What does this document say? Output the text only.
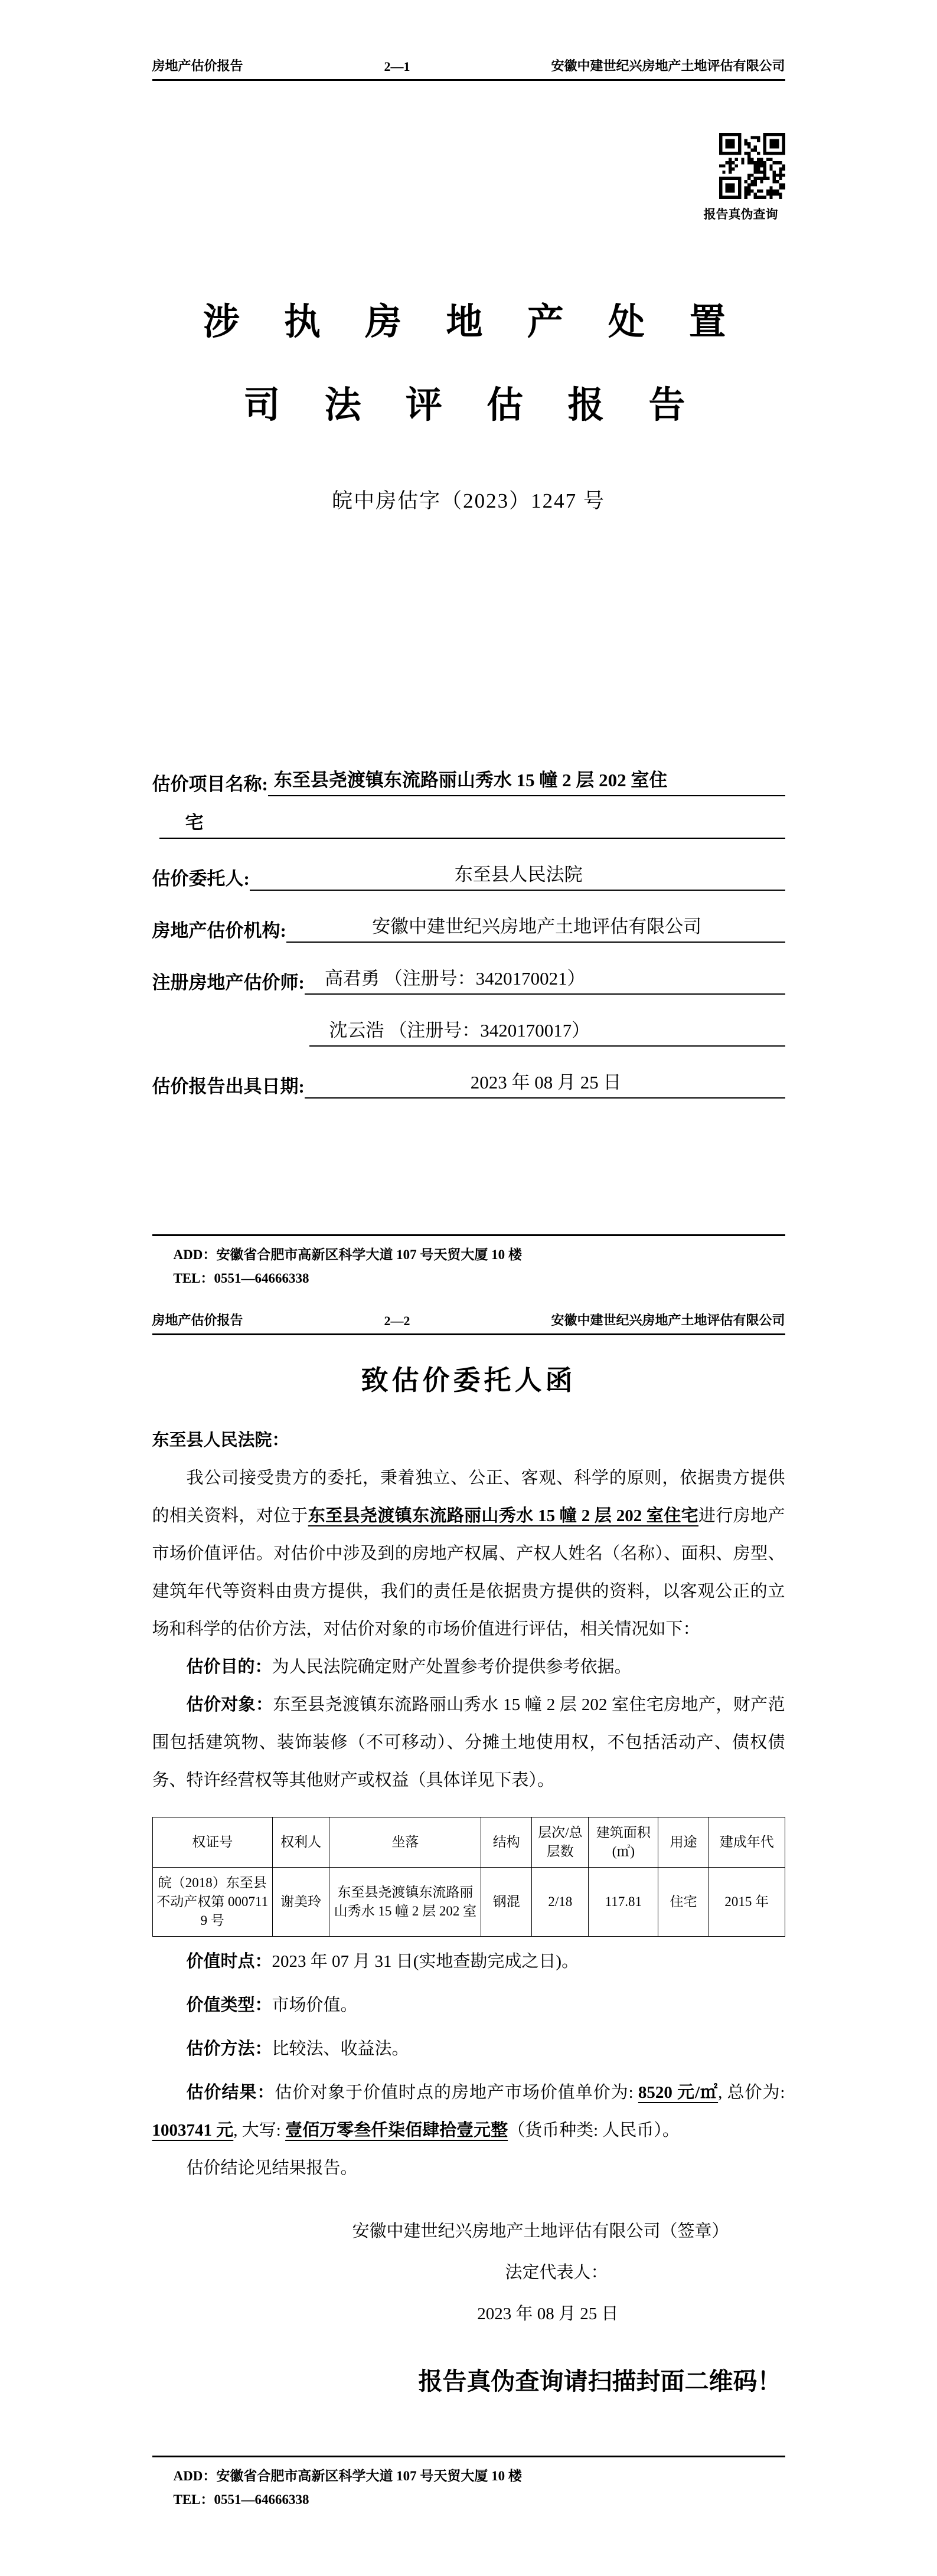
房地产估价报告	2—1	安徽中建世纪兴房地产土地评估有限公司
报告真伪查询
涉 执 房 地 产 处 置
司 法 评 估 报 告
皖中房估字（2023）1247 号
估价项目名称: 东至县尧渡镇东流路丽山秀水 15 幢 2 层 202 室住
宅
估价委托人:	东至县人民法院
房地产估价机构:	安徽中建世纪兴房地产土地评估有限公司
注册房地产估价师:	高君勇 （注册号：3420170021）
沈云浩 （注册号：3420170017）
估价报告出具日期:	2023 年 08 月 25 日
ADD：安徽省合肥市高新区科学大道 107 号天贸大厦 10 楼
TEL：0551—64666338
房地产估价报告	2—2	安徽中建世纪兴房地产土地评估有限公司
致估价委托人函
东至县人民法院：

我公司接受贵方的委托，秉着独立、公正、客观、科学的原则，依据贵方提供的相关资料，对位于东至县尧渡镇东流路丽山秀水 15 幢 2 层 202 室住宅进行房地产市场价值评估。对估价中涉及到的房地产权属、产权人姓名（名称）、面积、房型、建筑年代等资料由贵方提供，我们的责任是依据贵方提供的资料，以客观公正的立场和科学的估价方法，对估价对象的市场价值进行评估，相关情况如下：

估价目的：为人民法院确定财产处置参考价提供参考依据。

估价对象：东至县尧渡镇东流路丽山秀水 15 幢 2 层 202 室住宅房地产，财产范围包括建筑物、装饰装修（不可移动）、分摊土地使用权，不包括活动产、债权债务、特许经营权等其他财产或权益（具体详见下表）。

权证号	权利人	坐落	结构	层次/总层数	建筑面积(㎡)	用途	建成年代
皖（2018）东至县不动产权第 0007119 号	谢美玲	东至县尧渡镇东流路丽山秀水 15 幢 2 层 202 室	钢混	2/18	117.81	住宅	2015 年

价值时点：2023 年 07 月 31 日(实地查勘完成之日)。

价值类型：市场价值。

估价方法：比较法、收益法。

估价结果：估价对象于价值时点的房地产市场价值单价为: 8520 元/㎡, 总价为: 1003741 元, 大写: 壹佰万零叁仟柒佰肆拾壹元整（货币种类: 人民币）。

估价结论见结果报告。

安徽中建世纪兴房地产土地评估有限公司（签章）
法定代表人：
2023 年 08 月 25 日
报告真伪查询请扫描封面二维码！
ADD：安徽省合肥市高新区科学大道 107 号天贸大厦 10 楼
TEL：0551—64666338
